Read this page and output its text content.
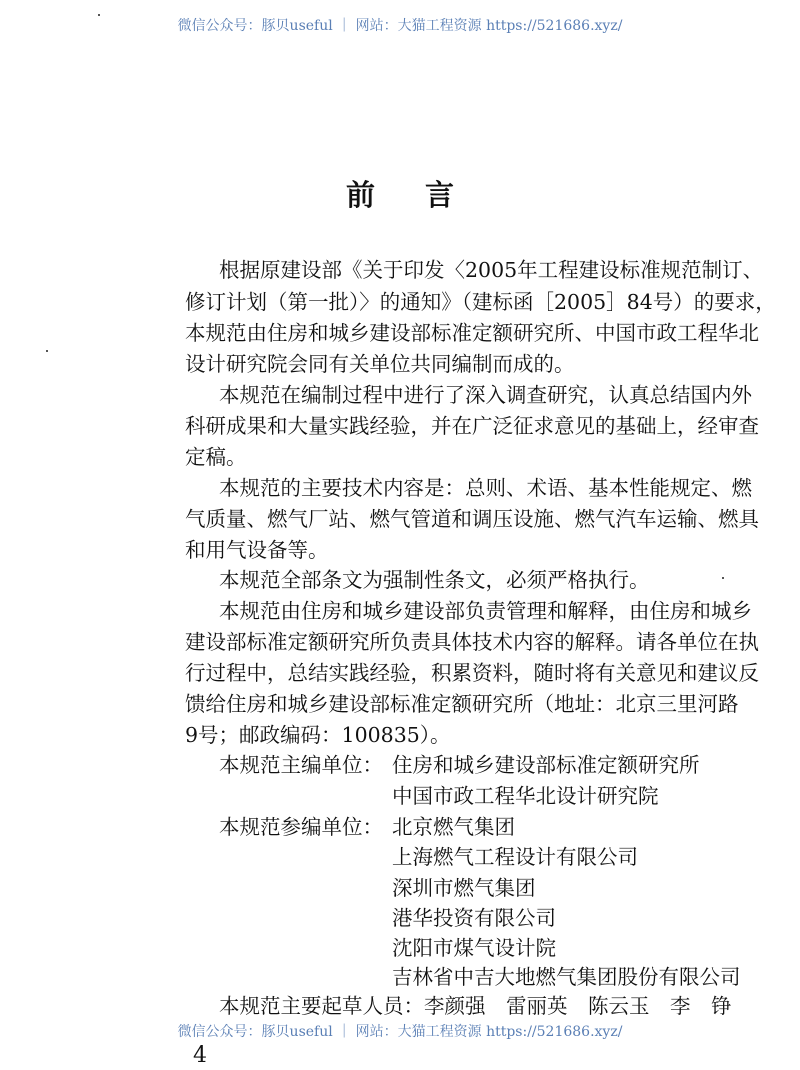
微信公众号：豚贝useful ｜ 网站：大猫工程资源 https://521686.xyz/
前言
根据原建设部《关于印发〈2005年工程建设标准规范制订、
修订计划（第一批）〉的通知》（建标函［2005］84号）的要求，
本规范由住房和城乡建设部标准定额研究所、中国市政工程华北
设计研究院会同有关单位共同编制而成的。
本规范在编制过程中进行了深入调查研究，认真总结国内外
科研成果和大量实践经验，并在广泛征求意见的基础上，经审查
定稿。
本规范的主要技术内容是：总则、术语、基本性能规定、燃
气质量、燃气厂站、燃气管道和调压设施、燃气汽车运输、燃具
和用气设备等。
本规范全部条文为强制性条文，必须严格执行。
本规范由住房和城乡建设部负责管理和解释，由住房和城乡
建设部标准定额研究所负责具体技术内容的解释。请各单位在执
行过程中，总结实践经验，积累资料，随时将有关意见和建议反
馈给住房和城乡建设部标准定额研究所（地址：北京三里河路
9号；邮政编码：100835）。
本规范主编单位： 住房和城乡建设部标准定额研究所
中国市政工程华北设计研究院
本规范参编单位： 北京燃气集团
上海燃气工程设计有限公司
深圳市燃气集团
港华投资有限公司
沈阳市煤气设计院
吉林省中吉大地燃气集团股份有限公司
本规范主要起草人员：李颜强　雷丽英　陈云玉　李　铮
微信公众号：豚贝useful ｜ 网站：大猫工程资源 https://521686.xyz/
4
